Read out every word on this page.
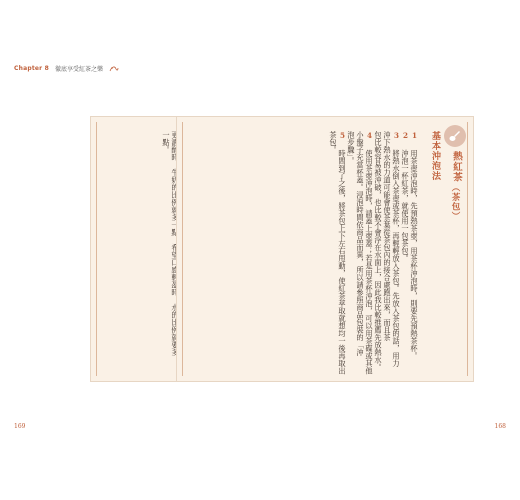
Chapter 8 徹底享受紅茶之樂

一點。
熱紅茶
（茶包）
基本沖泡法
1 用茶壺沖泡時，先預熱茶壺，用茶杯沖泡時，則要先預熱茶杯。
2 沖泡一杯紅茶，就使用一包茶包。
3 將熱水倒入茶壺或茶杯，再輕輕放入茶包。先放入茶包的話，用力
沖下熱水的力道可能會使茶葉從茶包內的接合處跑出來，而且茶
包比較容易被沖破，也比較不會浮在水面上，因此我比較推薦先放熱水。
4 使用茶壺沖泡時，請蓋上壺蓋；若是用茶杯沖泡，可以用茶碟或其他
小盤子充當杯蓋。浸泡時間依商品而異，所以請參照商品包裝的「沖
泡步驟」。
5 時間到了之後，將茶包上下左右甩動，使紅茶萃取就想均一後再取出
茶包。
169	168
